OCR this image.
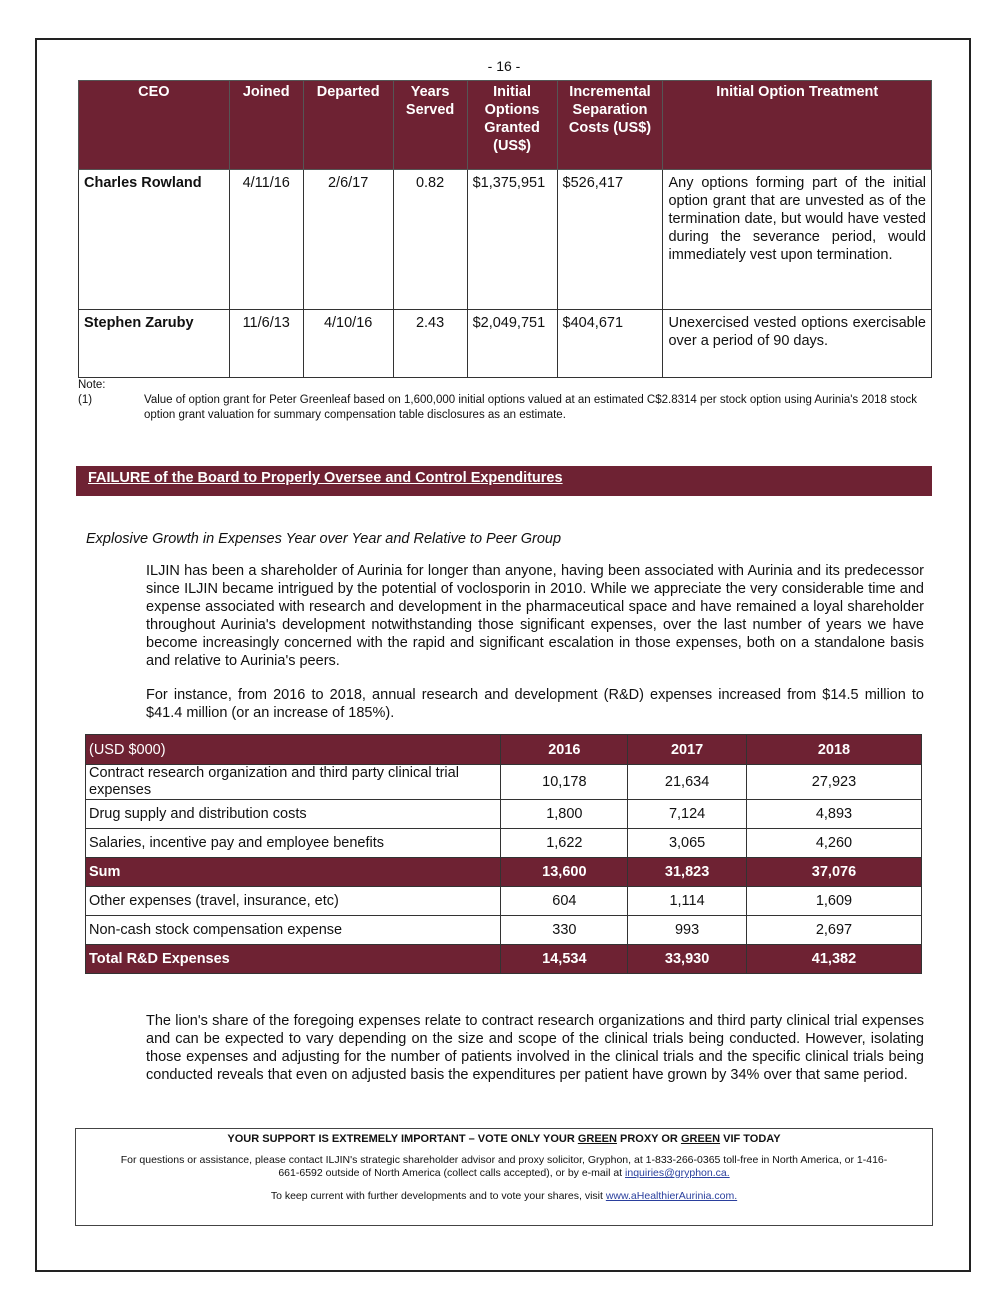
- 16 -
CEO	Joined	Departed	Years Served	Initial Options Granted (US$)	Incremental Separation Costs (US$)	Initial Option Treatment
Charles Rowland	4/11/16	2/6/17	0.82	$1,375,951	$526,417	Any options forming part of the initial option grant that are unvested as of the termination date, but would have vested during the severance period, would immediately vest upon termination.
Stephen Zaruby	11/6/13	4/10/16	2.43	$2,049,751	$404,671	Unexercised vested options exercisable over a period of 90 days.
Note:
(1)	Value of option grant for Peter Greenleaf based on 1,600,000 initial options valued at an estimated C$2.8314 per stock option using Aurinia's 2018 stock option grant valuation for summary compensation table disclosures as an estimate.
FAILURE of the Board to Properly Oversee and Control Expenditures
Explosive Growth in Expenses Year over Year and Relative to Peer Group
ILJIN has been a shareholder of Aurinia for longer than anyone, having been associated with Aurinia and its predecessor since ILJIN became intrigued by the potential of voclosporin in 2010. While we appreciate the very considerable time and expense associated with research and development in the pharmaceutical space and have remained a loyal shareholder throughout Aurinia's development notwithstanding those significant expenses, over the last number of years we have become increasingly concerned with the rapid and significant escalation in those expenses, both on a standalone basis and relative to Aurinia's peers.
For instance, from 2016 to 2018, annual research and development (R&D) expenses increased from $14.5 million to $41.4 million (or an increase of 185%).
(USD $000)	2016	2017	2018
Contract research organization and third party clinical trial expenses	10,178	21,634	27,923
Drug supply and distribution costs	1,800	7,124	4,893
Salaries, incentive pay and employee benefits	1,622	3,065	4,260
Sum	13,600	31,823	37,076
Other expenses (travel, insurance, etc)	604	1,114	1,609
Non-cash stock compensation expense	330	993	2,697
Total R&D Expenses	14,534	33,930	41,382
The lion's share of the foregoing expenses relate to contract research organizations and third party clinical trial expenses and can be expected to vary depending on the size and scope of the clinical trials being conducted. However, isolating those expenses and adjusting for the number of patients involved in the clinical trials and the specific clinical trials being conducted reveals that even on adjusted basis the expenditures per patient have grown by 34% over that same period.
YOUR SUPPORT IS EXTREMELY IMPORTANT – VOTE ONLY YOUR GREEN PROXY OR GREEN VIF TODAY
For questions or assistance, please contact ILJIN's strategic shareholder advisor and proxy solicitor, Gryphon, at 1-833-266-0365 toll-free in North America, or 1-416-661-6592 outside of North America (collect calls accepted), or by e-mail at inquiries@gryphon.ca.
To keep current with further developments and to vote your shares, visit www.aHealthierAurinia.com.
